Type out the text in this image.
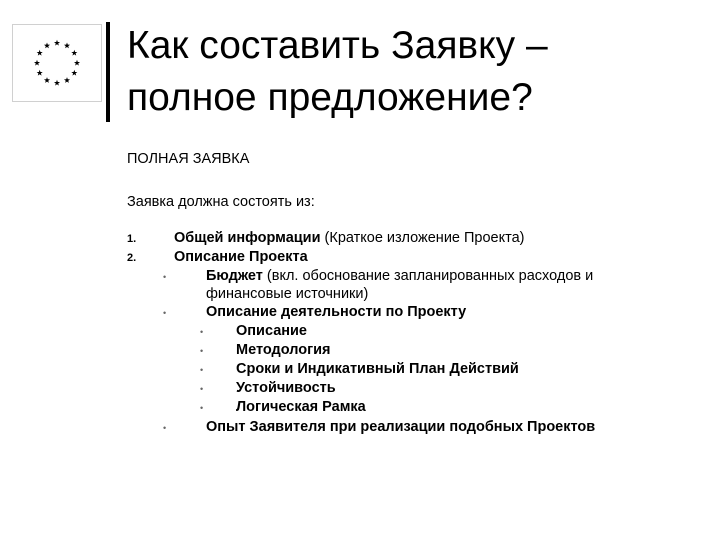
Как составить Заявку –
полное предложение?
ПОЛНАЯ ЗАЯВКА
Заявка должна состоять из:
1.	Общей информации (Краткое изложение Проекта)
2.	Описание Проекта
•	Бюджет (вкл. обоснование запланированных расходов и
финансовые источники)
•	Описание деятельности по Проекту
• Описание
• Методология
• Сроки и Индикативный План Действий
• Устойчивость
• Логическая Рамка
•	Опыт Заявителя при реализации подобных Проектов
